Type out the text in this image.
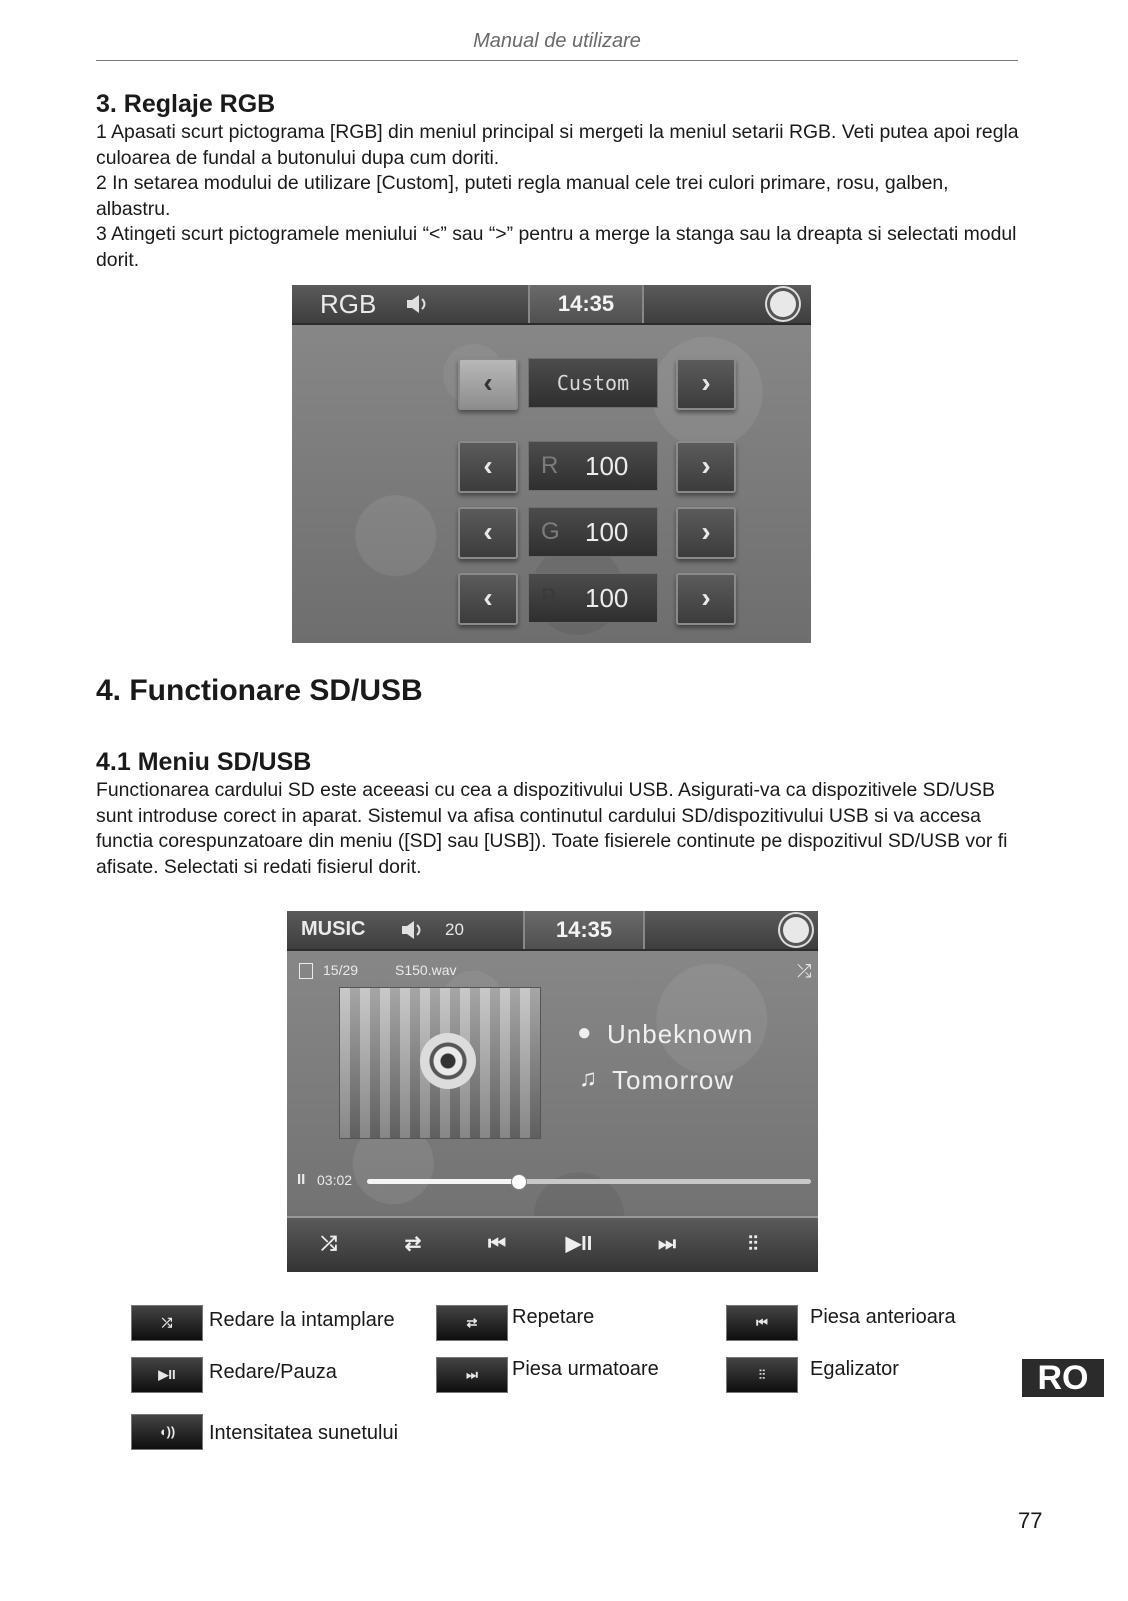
Manual de utilizare
3. Reglaje RGB

1 Apasati scurt pictograma [RGB] din meniul principal si mergeti la meniul setarii RGB. Veti putea apoi regla culoarea de fundal a butonului dupa cum doriti.

2 In setarea modului de utilizare [Custom], puteti regla manual cele trei culori primare, rosu, galben, albastru.

3 Atingeti scurt pictogramele meniului “<” sau “>” pentru a merge la stanga sau la dreapta si selectati modul dorit.

RGB	14:35
‹	Custom	›
‹	R 100	›
‹	G 100	›
‹	B 100	›
4. Functionare SD/USB
4.1 Meniu SD/USB

Functionarea cardului SD este aceeasi cu cea a dispozitivului USB. Asigurati-va ca dispozitivele SD/USB sunt introduse corect in aparat. Sistemul va afisa continutul cardului SD/dispozitivului USB si va accesa functia corespunzatoare din meniu ([SD] sau [USB]). Toate fisierele continute pe dispozitivul SD/USB vor fi afisate. Selectati si redati fisierul dorit.

MUSIC	20	14:35
15/29	S150.wav	⤮
● Unbeknown
♫ Tomorrow
II 03:02
⤮	⇄	⏮	▶II	⏭	⫶⫶
⤮	Redare la intamplare	⇄	Repetare	⏮	Piesa anterioara
▶II	Redare/Pauza	⏭	Piesa urmatoare	⫶⫶	Egalizator
◖))	Intensitatea sunetului
RO
77
